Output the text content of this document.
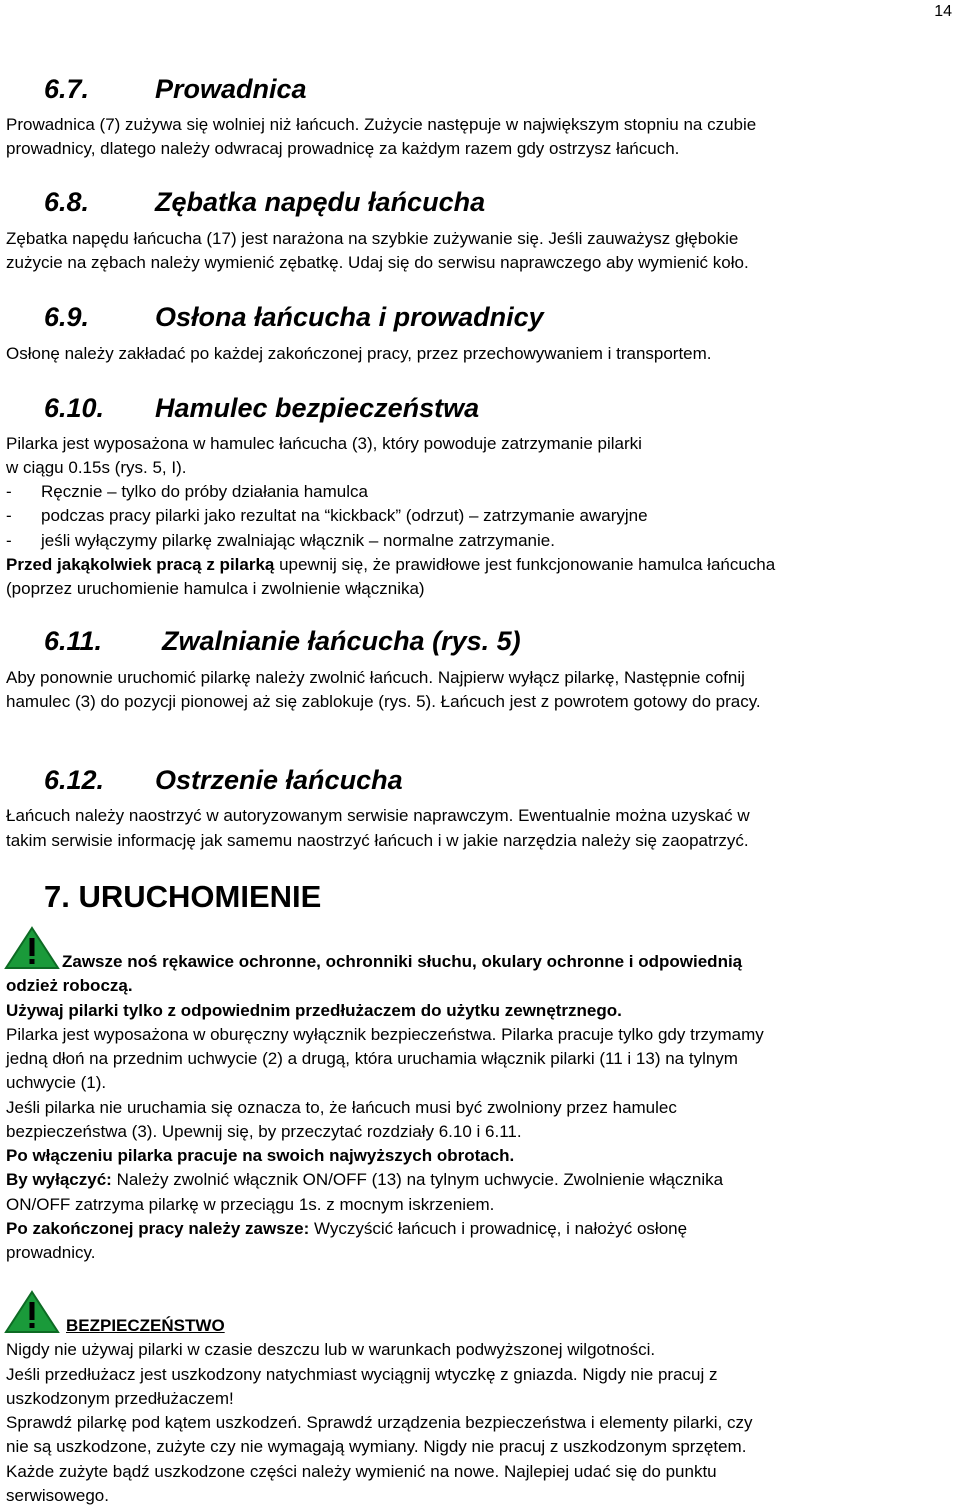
14
6.7. Prowadnica
Prowadnica (7) zużywa się wolniej niż łańcuch. Zużycie następuje w największym stopniu na czubie
prowadnicy, dlatego należy odwracaj prowadnicę za każdym razem gdy ostrzysz łańcuch.
6.8. Zębatka napędu łańcucha
Zębatka napędu łańcucha (17) jest narażona na szybkie zużywanie się. Jeśli zauważysz głębokie
zużycie na zębach należy wymienić zębatkę. Udaj się do serwisu naprawczego aby wymienić koło.
6.9. Osłona łańcucha i prowadnicy
Osłonę należy zakładać po każdej zakończonej pracy, przez przechowywaniem i transportem.
6.10. Hamulec bezpieczeństwa
Pilarka jest wyposażona w hamulec łańcucha (3), który powoduje zatrzymanie pilarki
w ciągu 0.15s (rys. 5, I).
- Ręcznie – tylko do próby działania hamulca
- podczas pracy pilarki jako rezultat na “kickback” (odrzut) – zatrzymanie awaryjne
- jeśli wyłączymy pilarkę zwalniając włącznik – normalne zatrzymanie.
Przed jakąkolwiek pracą z pilarką upewnij się, że prawidłowe jest funkcjonowanie hamulca łańcucha
(poprzez uruchomienie hamulca i zwolnienie włącznika)
6.11. Zwalnianie łańcucha (rys. 5)
Aby ponownie uruchomić pilarkę należy zwolnić łańcuch. Najpierw wyłącz pilarkę, Następnie cofnij
hamulec (3) do pozycji pionowej aż się zablokuje (rys. 5). Łańcuch jest z powrotem gotowy do pracy.
6.12. Ostrzenie łańcucha
Łańcuch należy naostrzyć w autoryzowanym serwisie naprawczym. Ewentualnie można uzyskać w
takim serwisie informację jak samemu naostrzyć łańcuch i w jakie narzędzia należy się zaopatrzyć.
7. URUCHOMIENIE
Zawsze noś rękawice ochronne, ochronniki słuchu, okulary ochronne i odpowiednią
odzież roboczą.
Używaj pilarki tylko z odpowiednim przedłużaczem do użytku zewnętrznego.
Pilarka jest wyposażona w oburęczny wyłącznik bezpieczeństwa. Pilarka pracuje tylko gdy trzymamy
jedną dłoń na przednim uchwycie (2) a drugą, która uruchamia włącznik pilarki (11 i 13) na tylnym
uchwycie (1).
Jeśli pilarka nie uruchamia się oznacza to, że łańcuch musi być zwolniony przez hamulec
bezpieczeństwa (3). Upewnij się, by przeczytać rozdziały 6.10 i 6.11.
Po włączeniu pilarka pracuje na swoich najwyższych obrotach.
By wyłączyć: Należy zwolnić włącznik ON/OFF (13) na tylnym uchwycie. Zwolnienie włącznika
ON/OFF zatrzyma pilarkę w przeciągu 1s. z mocnym iskrzeniem.
Po zakończonej pracy należy zawsze: Wyczyścić łańcuch i prowadnicę, i nałożyć osłonę
prowadnicy.
BEZPIECZEŃSTWO
Nigdy nie używaj pilarki w czasie deszczu lub w warunkach podwyższonej wilgotności.
Jeśli przedłużacz jest uszkodzony natychmiast wyciągnij wtyczkę z gniazda. Nigdy nie pracuj z
uszkodzonym przedłużaczem!
Sprawdź pilarkę pod kątem uszkodzeń. Sprawdź urządzenia bezpieczeństwa i elementy pilarki, czy
nie są uszkodzone, zużyte czy nie wymagają wymiany. Nigdy nie pracuj z uszkodzonym sprzętem.
Każde zużyte bądź uszkodzone części należy wymienić na nowe. Najlepiej udać się do punktu
serwisowego.
